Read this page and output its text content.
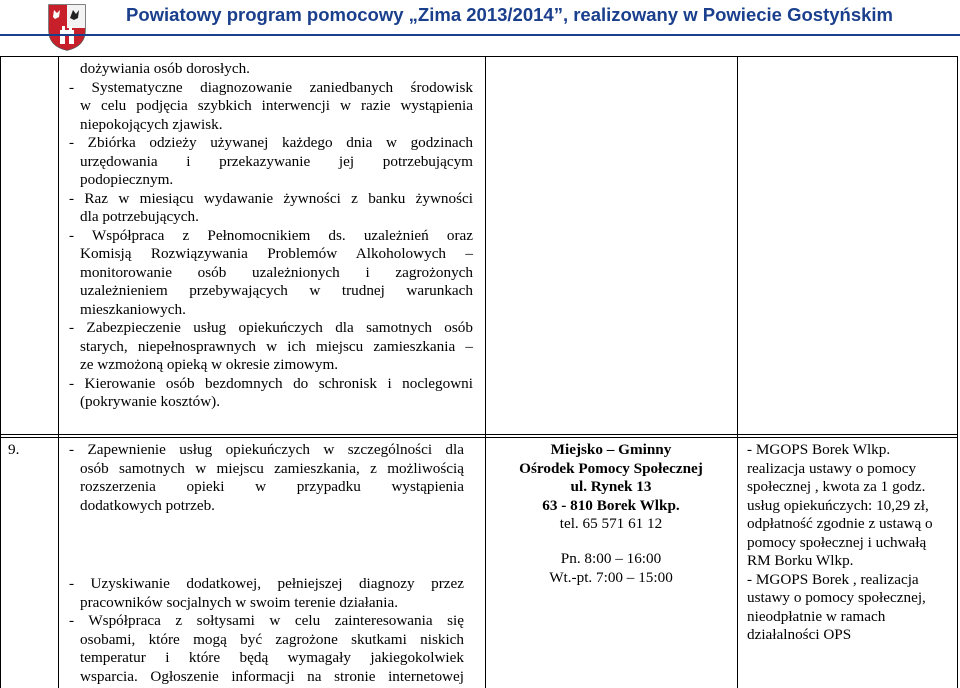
Powiatowy program pomocowy „Zima 2013/2014”, realizowany w Powiecie Gostyńskim
dożywiania osób dorosłych.
- Systematyczne diagnozowanie zaniedbanych środowisk
w celu podjęcia szybkich interwencji w razie wystąpienia
niepokojących zjawisk.
- Zbiórka odzieży używanej każdego dnia w godzinach
urzędowania i przekazywanie jej potrzebującym
podopiecznym.
- Raz w miesiącu wydawanie żywności z banku żywności
dla potrzebujących.
- Współpraca z Pełnomocnikiem ds. uzależnień oraz
Komisją Rozwiązywania Problemów Alkoholowych –
monitorowanie osób uzależnionych i zagrożonych
uzależnieniem przebywających w trudnej warunkach
mieszkaniowych.
- Zabezpieczenie usług opiekuńczych dla samotnych osób
starych, niepełnosprawnych w ich miejscu zamieszkania –
ze wzmożoną opieką w okresie zimowym.
- Kierowanie osób bezdomnych do schronisk i noclegowni
(pokrywanie kosztów).
9.	- Zapewnienie usług opiekuńczych w szczególności dla
osób samotnych w miejscu zamieszkania, z możliwością
rozszerzenia opieki w przypadku wystąpienia
dodatkowych potrzeb.
- Uzyskiwanie dodatkowej, pełniejszej diagnozy przez
pracowników socjalnych w swoim terenie działania.
- Współpraca z sołtysami w celu zainteresowania się
osobami, które mogą być zagrożone skutkami niskich
temperatur i które będą wymagały jakiegokolwiek
wsparcia. Ogłoszenie informacji na stronie internetowej
Miejsko – Gminny
Ośrodek Pomocy Społecznej
ul. Rynek 13
63 - 810 Borek Wlkp.
tel. 65 571 61 12
Pn. 8:00 – 16:00
Wt.-pt. 7:00 – 15:00
- MGOPS Borek Wlkp.
realizacja ustawy o pomocy
społecznej , kwota za 1 godz.
usług opiekuńczych: 10,29 zł,
odpłatność zgodnie z ustawą o
pomocy społecznej i uchwałą
RM Borku Wlkp.
- MGOPS Borek , realizacja
ustawy o pomocy społecznej,
nieodpłatnie w ramach
działalności OPS
